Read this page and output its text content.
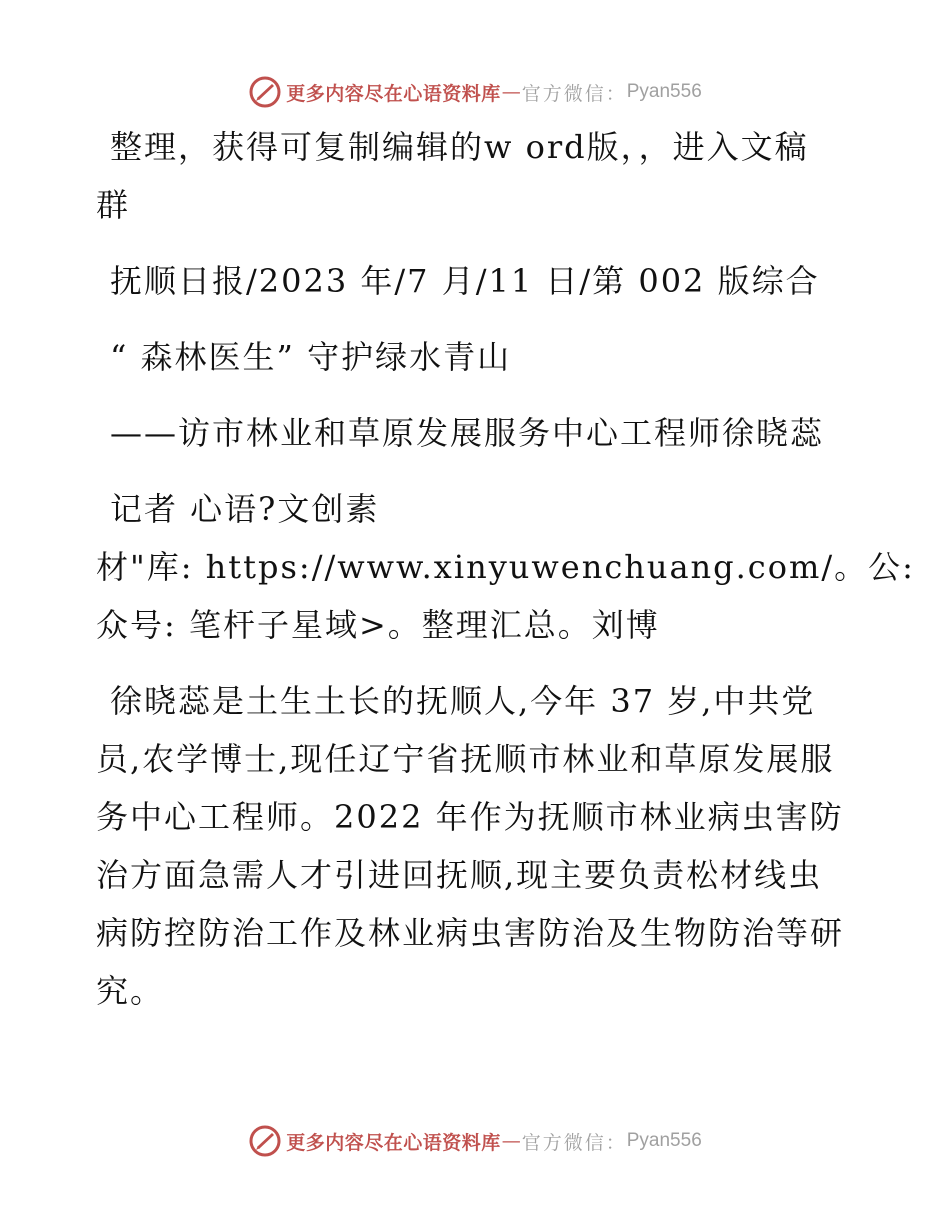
更多内容尽在心语资料库 — 官方微信： Pyan556
整理，获得可复制编辑的w ord版，，进入文稿
群
抚顺日报/2023 年/7 月/11 日/第 002 版综合
“ 森林医生” 守护绿水青山
——访市林业和草原发展服务中心工程师徐晓蕊
记者 心语?文创素
材"库: https://www.xinyuwenchuang.com/。公:
众号: 笔杆子星域>。整理汇总。刘博
徐晓蕊是土生土长的抚顺人,今年 37 岁,中共党
员,农学博士,现任辽宁省抚顺市林业和草原发展服
务中心工程师。2022 年作为抚顺市林业病虫害防
治方面急需人才引进回抚顺,现主要负责松材线虫
病防控防治工作及林业病虫害防治及生物防治等研
究。
更多内容尽在心语资料库 — 官方微信： Pyan556
